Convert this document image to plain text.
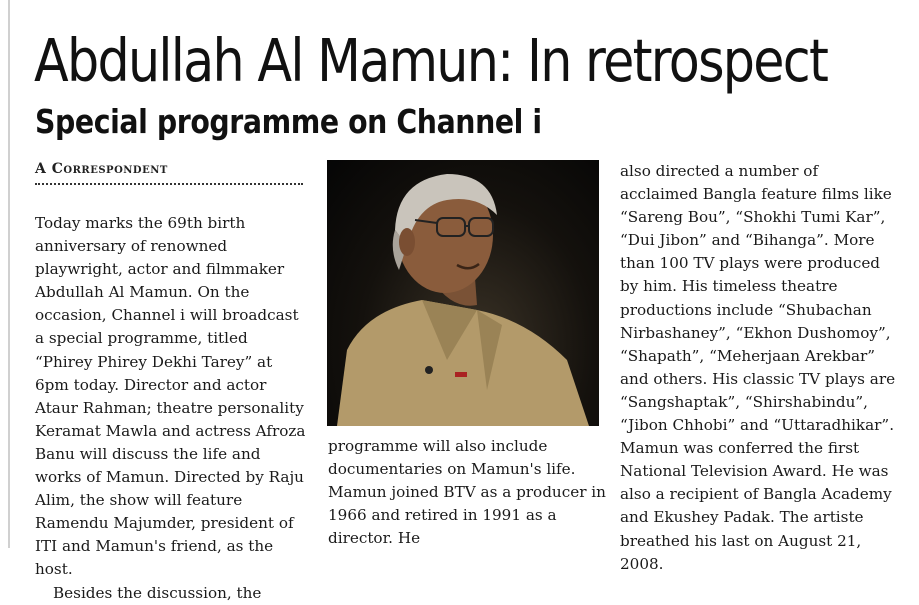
Abdullah Al Mamun: In retrospect
Special programme on Channel i
A Correspondent

Today marks the 69th birth anniversary of renowned playwright, actor and filmmaker Abdullah Al Mamun. On the occasion, Channel i will broadcast a special programme, titled “Phirey Phirey Dekhi Tarey” at 6pm today. Director and actor Ataur Rahman; theatre personality Keramat Mawla and actress Afroza Banu will discuss the life and works of Mamun. Directed by Raju Alim, the show will feature Ramendu Majumder, president of ITI and Mamun's friend, as the host.

Besides the discussion, the

programme will also include documentaries on Mamun's life. Mamun joined BTV as a producer in 1966 and retired in 1991 as a director. He

also directed a number of acclaimed Bangla feature films like “Sareng Bou”, “Shokhi Tumi Kar”, “Dui Jibon” and “Bihanga”. More than 100 TV plays were produced by him. His timeless theatre productions include “Shubachan Nirbashaney”, “Ekhon Dushomoy”, “Shapath”, “Meherjaan Arekbar” and others. His classic TV plays are “Sangshaptak”, “Shirshabindu”, “Jibon Chhobi” and “Uttaradhikar”. Mamun was conferred the first National Television Award. He was also a recipient of Bangla Academy and Ekushey Padak. The artiste breathed his last on August 21, 2008.
